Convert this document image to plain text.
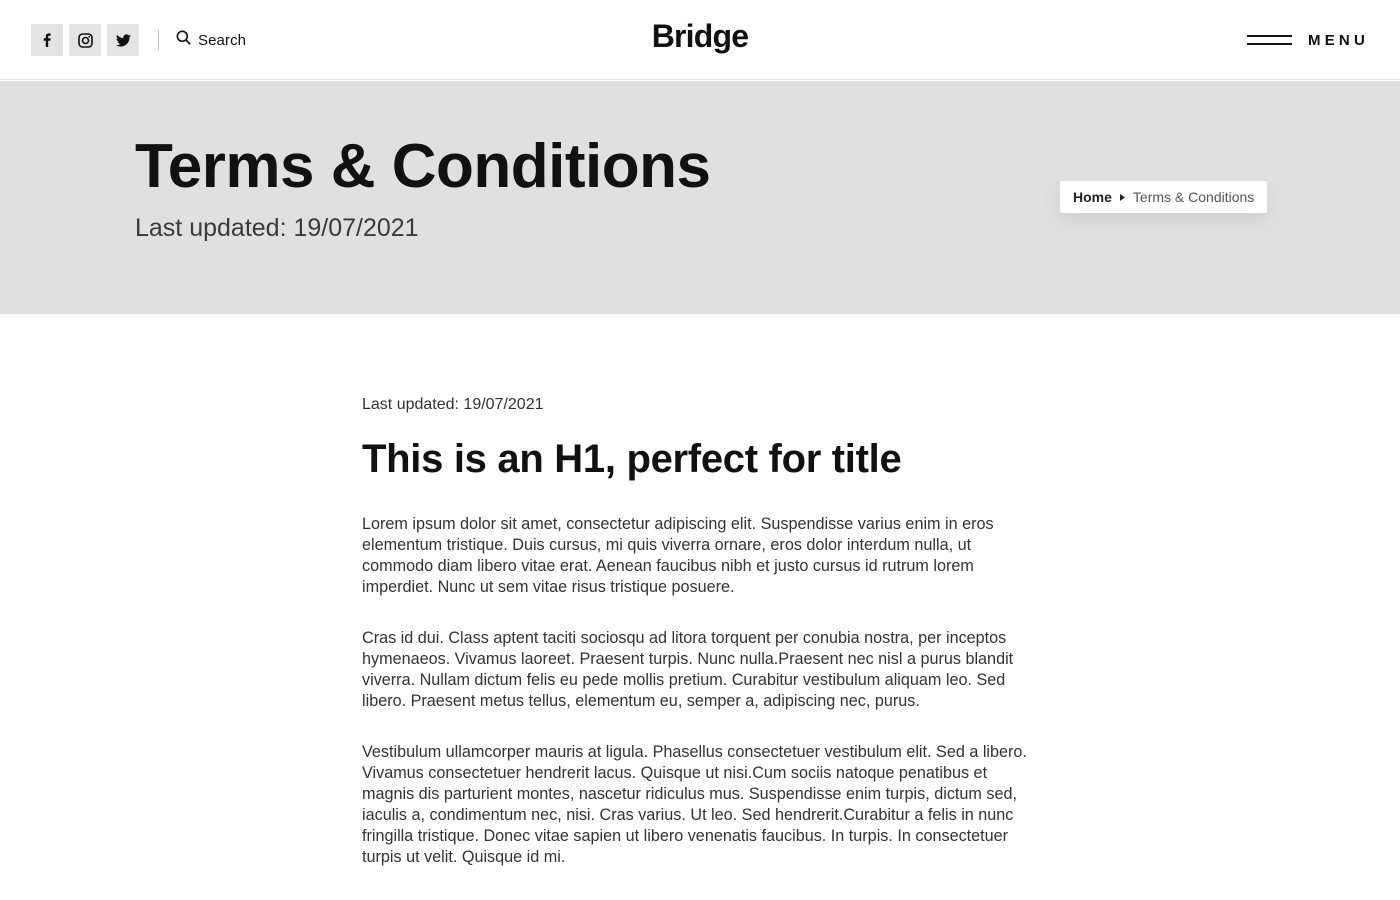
Search	Bridge	MENU
Terms & Conditions
Last updated: 19/07/2021
Home Terms & Conditions
Last updated: 19/07/2021
This is an H1, perfect for title

Lorem ipsum dolor sit amet, consectetur adipiscing elit. Suspendisse varius enim in eros elementum tristique. Duis cursus, mi quis viverra ornare, eros dolor interdum nulla, ut commodo diam libero vitae erat. Aenean faucibus nibh et justo cursus id rutrum lorem imperdiet. Nunc ut sem vitae risus tristique posuere.

Cras id dui. Class aptent taciti sociosqu ad litora torquent per conubia nostra, per inceptos hymenaeos. Vivamus laoreet. Praesent turpis. Nunc nulla.Praesent nec nisl a purus blandit viverra. Nullam dictum felis eu pede mollis pretium. Curabitur vestibulum aliquam leo. Sed libero. Praesent metus tellus, elementum eu, semper a, adipiscing nec, purus.

Vestibulum ullamcorper mauris at ligula. Phasellus consectetuer vestibulum elit. Sed a libero. Vivamus consectetuer hendrerit lacus. Quisque ut nisi.Cum sociis natoque penatibus et magnis dis parturient montes, nascetur ridiculus mus. Suspendisse enim turpis, dictum sed, iaculis a, condimentum nec, nisi. Cras varius. Ut leo. Sed hendrerit.Curabitur a felis in nunc fringilla tristique. Donec vitae sapien ut libero venenatis faucibus. In turpis. In consectetuer turpis ut velit. Quisque id mi.
